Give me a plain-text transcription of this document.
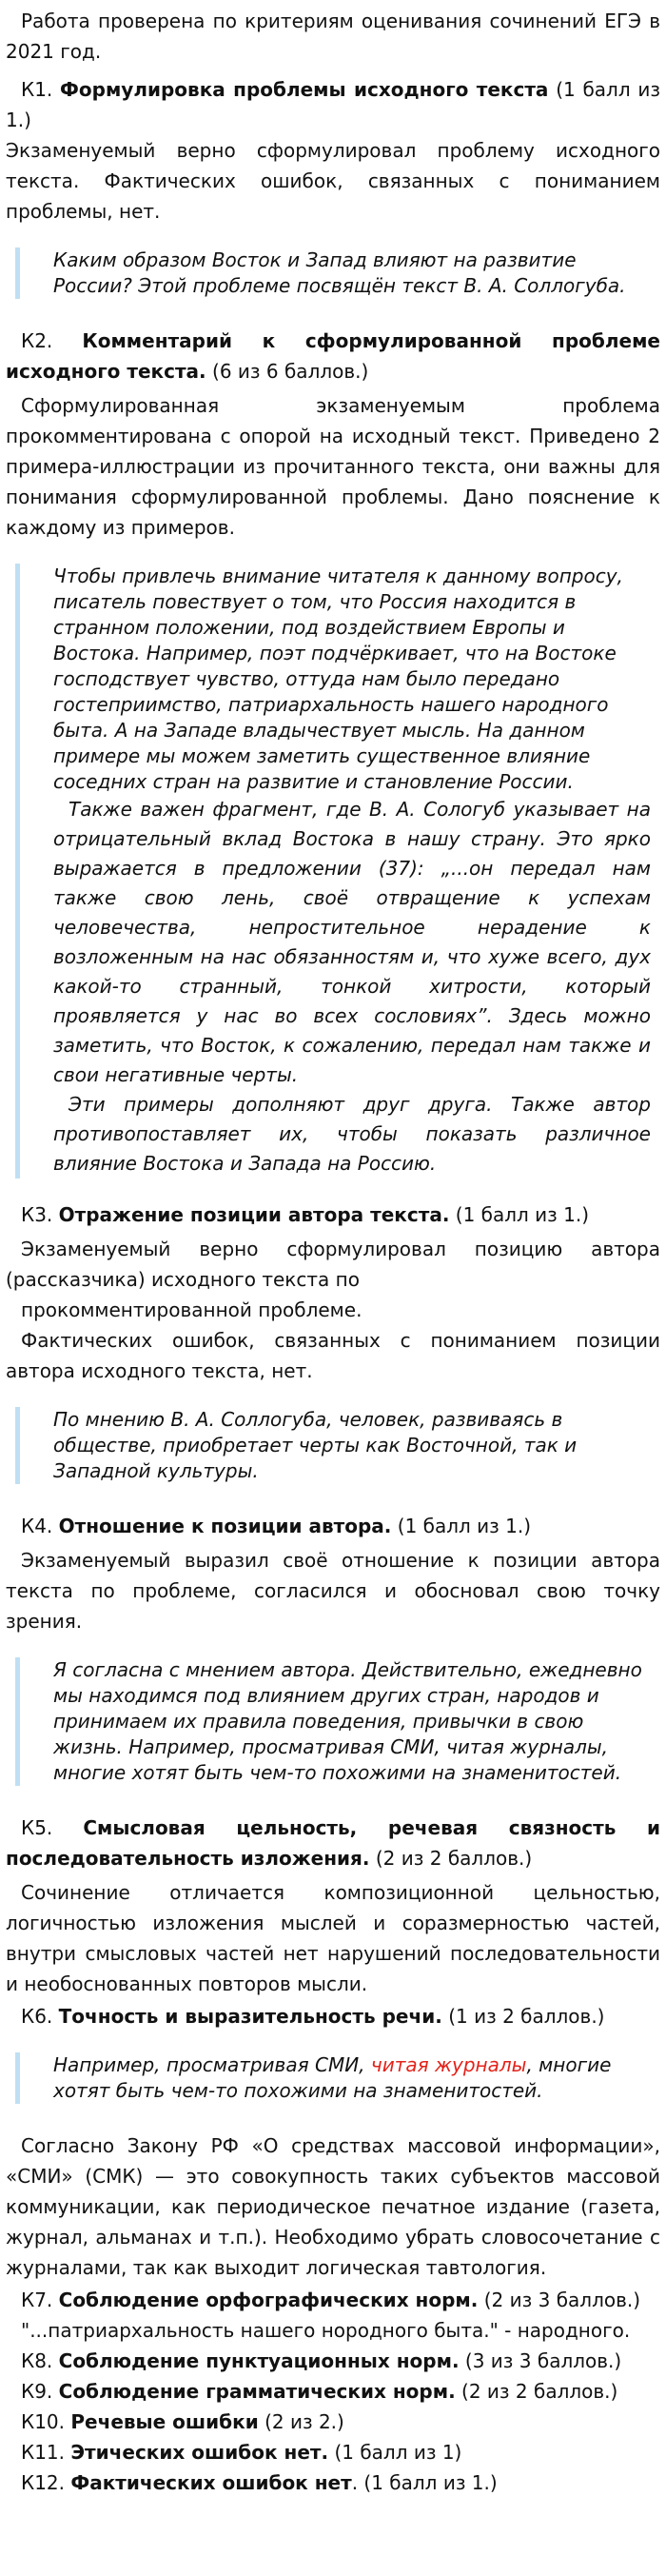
Работа проверена по критериям оценивания сочинений ЕГЭ в 2021 год.

К1. Формулировка проблемы исходного текста (1 балл из 1.)

Экзаменуемый верно сформулировал проблему исходного текста. Фактических ошибок, связанных с пониманием проблемы, нет.

Каким образом Восток и Запад влияют на развитие России? Этой проблеме посвящён текст В. А. Соллогуба.

К2. Комментарий к сформулированной проблеме исходного текста. (6 из 6 баллов.)

Сформулированная экзаменуемым проблема прокомментирована с опорой на исходный текст. Приведено 2 примера-иллюстрации из прочитанного текста, они важны для понимания сформулированной проблемы. Дано пояснение к каждому из примеров.

Чтобы привлечь внимание читателя к данному вопросу, писатель повествует о том, что Россия находится в странном положении, под воздействием Европы и Востока. Например, поэт подчёркивает, что на Востоке господствует чувство, оттуда нам было передано гостеприимство, патриархальность нашего народного быта. А на Западе владычествует мысль. На данном примере мы можем заметить существенное влияние соседних стран на развитие и становление России.

Также важен фрагмент, где В. А. Сологуб указывает на отрицательный вклад Востока в нашу страну. Это ярко выражается в предложении (37): „...он передал нам также свою лень, своё отвращение к успехам человечества, непростительное нерадение к возложенным на нас обязанностям и, что хуже всего, дух какой-то странный, тонкой хитрости, который проявляется у нас во всех сословиях”. Здесь можно заметить, что Восток, к сожалению, передал нам также и свои негативные черты.

Эти примеры дополняют друг друга. Также автор противопоставляет их, чтобы показать различное влияние Востока и Запада на Россию.

К3. Отражение позиции автора текста. (1 балл из 1.)

Экзаменуемый верно сформулировал позицию автора

(рассказчика) исходного текста по

прокомментированной проблеме.

Фактических ошибок, связанных с пониманием позиции автора исходного текста, нет.

По мнению В. А. Соллогуба, человек, развиваясь в обществе, приобретает черты как Восточной, так и Западной культуры.

К4. Отношение к позиции автора. (1 балл из 1.)

Экзаменуемый выразил своё отношение к позиции автора текста по проблеме, согласился и обосновал свою точку зрения.

Я согласна с мнением автора. Действительно, ежедневно мы находимся под влиянием других стран, народов и принимаем их правила поведения, привычки в свою жизнь. Например, просматривая СМИ, читая журналы, многие хотят быть чем-то похожими на знаменитостей.

К5. Смысловая цельность, речевая связность и последовательность изложения. (2 из 2 баллов.)

Сочинение отличается композиционной цельностью, логичностью изложения мыслей и соразмерностью частей, внутри смысловых частей нет нарушений последовательности и необоснованных повторов мысли.

К6. Точность и выразительность речи. (1 из 2 баллов.)

Например, просматривая СМИ, читая журналы, многие хотят быть чем-то похожими на знаменитостей.

Согласно Закону РФ «О средствах массовой информации», «СМИ» (СМК) — это совокупность таких субъектов массовой коммуникации, как периодическое печатное издание (газета, журнал, альманах и т.п.). Необходимо убрать словосочетание с журналами, так как выходит логическая тавтология.

К7. Соблюдение орфографических норм. (2 из 3 баллов.)

"...патриархальность нашего нородного быта." - народного.

К8. Соблюдение пунктуационных норм. (3 из 3 баллов.)

К9. Соблюдение грамматических норм. (2 из 2 баллов.)

К10. Речевые ошибки (2 из 2.)

К11. Этических ошибок нет. (1 балл из 1)

К12. Фактических ошибок нет. (1 балл из 1.)
